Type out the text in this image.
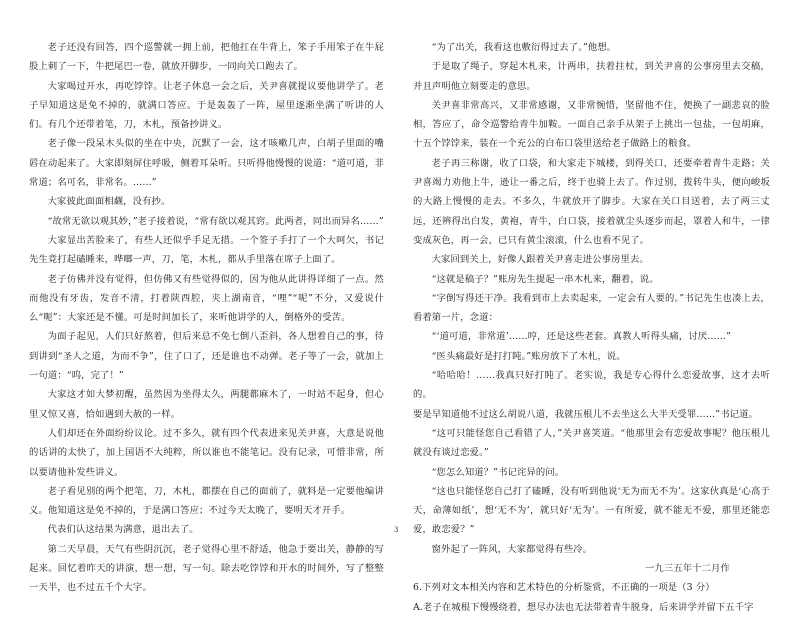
老子还没有回答，四个巡警就一拥上前，把他扛在牛背上，笨子手用笨子在牛屁股上刺了一下，牛把尾巴一卷，就放开脚步，一同向关口跑去了。

大家喝过开水，再吃饽饽。让老子休息一会之后，关尹喜就提议要他讲学了。老子早知道这是免不掉的，就满口答应。于是轰轰了一阵，屋里逐渐坐满了听讲的人们。有几个还带着笔，刀，木札，预备抄讲义。

老子像一段呆木头似的坐在中央，沉默了一会，这才咳嗽几声，白胡子里面的嘴唇在动起来了。大家即刻屏住呼吸，侧着耳朵听。只听得他慢慢的说道：“道可道，非常道；名可名，非常名。……”

大家彼此面面相觑，没有抄。

“故常无欲以观其妙，”老子接着说，“常有欲以观其窍。此两者，同出而异名……”

大家显出苦脸来了，有些人还似乎手足无措。一个签子手打了一个大呵欠，书记先生竟打起磕睡来，哗啷一声，刀，笔，木札，都从手里落在席子上面了。

老子仿佛并没有觉得，但仿佛又有些觉得似的，因为他从此讲得详细了一点。然而他没有牙齿，发音不清，打着陕西腔，夹上湖南音，“哩”“呢”不分，又爱说什么“呃”：大家还是不懂。可是时间加长了，来听他讲学的人，倒格外的受苦。

为面子起见，人们只好熬着，但后来总不免七倒八歪斜，各人想着自己的事，待到讲到“圣人之道，为而不争”，住了口了，还是谁也不动弹。老子等了一会，就加上一句道：“呜，完了！”

大家这才如大梦初醒，虽然因为坐得太久，两腿都麻木了，一时站不起身，但心里又惊又喜，恰如遇到大赦的一样。

人们却还在外面纷纷议论。过不多久，就有四个代表进来见关尹喜，大意是说他的话讲的太快了，加上国语不大纯粹，所以谁也不能笔记。没有记录，可惜非常，所以要请他补发些讲义。

老子看见别的两个把笔，刀，木札，都摆在自己的面前了，就料是一定要他编讲义。他知道这是免不掉的，于是满口答应；不过今天太晚了，要明天才开手。

代表们认这结果为满意，退出去了。

第二天早晨，天气有些阴沉沉，老子觉得心里不舒适，他急于要出关，静静的写起来。回忆着昨天的讲演，想一想，写一句。除去吃饽饽和开水的时间外，写了整整一天半，也不过五千个大字。

“为了出关，我看这也敷衍得过去了。”他想。

于是取了绳子，穿起木札来，计两串，扶着拄杖，到关尹喜的公事房里去交稿，并且声明他立刻要走的意思。

关尹喜非常高兴，又非常感谢，又非常惋惜，坚留他不住，便换了一副悲哀的脸相，答应了，命令巡警给青牛加鞍。一面自己亲手从架子上挑出一包盐，一包胡麻，十五个饽饽来，装在一个充公的白布口袋里送给老子做路上的粮食。

老子再三称谢，收了口袋，和大家走下城楼，到得关口，还要牵着青牛走路；关尹喜竭力劝他上牛，逊让一番之后，终于也骑上去了。作过别，拨转牛头，便向峻坂的大路上慢慢的走去。不多久，牛就放开了脚步。大家在关口目送着，去了两三丈远，还辨得出白发，黄袍，青牛，白口袋，接着就尘头逐步而起，罩着人和牛，一律变成灰色，再一会，已只有黄尘滚滚，什么也看不见了。

大家回到关上，好像人跟着关尹喜走进公事房里去。

“这就是稿子？”账房先生提起一串木札来，翻着，说。

“字倒写得还干净。我看到市上去卖起来，一定会有人要的。”书记先生也凑上去，看着第一片，念道：

“‘道可道，非常道’……哼，还是这些老套。真教人听得头痛，讨厌……”

“医头痛最好是打打盹。”账房放下了木札，说。

“哈哈哈！……我真只好打盹了。老实说，我是专心得什么恋爱故事，这才去听的。

要是早知道他不过这么胡说八道，我就压根儿不去坐这么大半天受罪……”书记道。

“这可只能怪您自己看错了人，”关尹喜笑道。“他那里会有恋爱故事呢？他压根儿就没有谈过恋爱。”

“您怎么知道？”书记诧异的问。

“这也只能怪您自己打了磕睡，没有听到他说‘无为而无不为’。这家伙真是‘心高于天，命薄如纸’，想‘无不为’，就只好‘无为’。一有所爱，就不能无不爱，那里还能恋爱，敢恋爱？”

窗外起了一阵风，大家都觉得有些冷。

一九三五年十二月作

6.下列对文本相关内容和艺术特色的分析鉴赏，不正确的一项是（3 分）

A.老子在城根下慢慢绕着，想尽办法也无法带着青牛脱身，后来讲学并留下五千字

3
